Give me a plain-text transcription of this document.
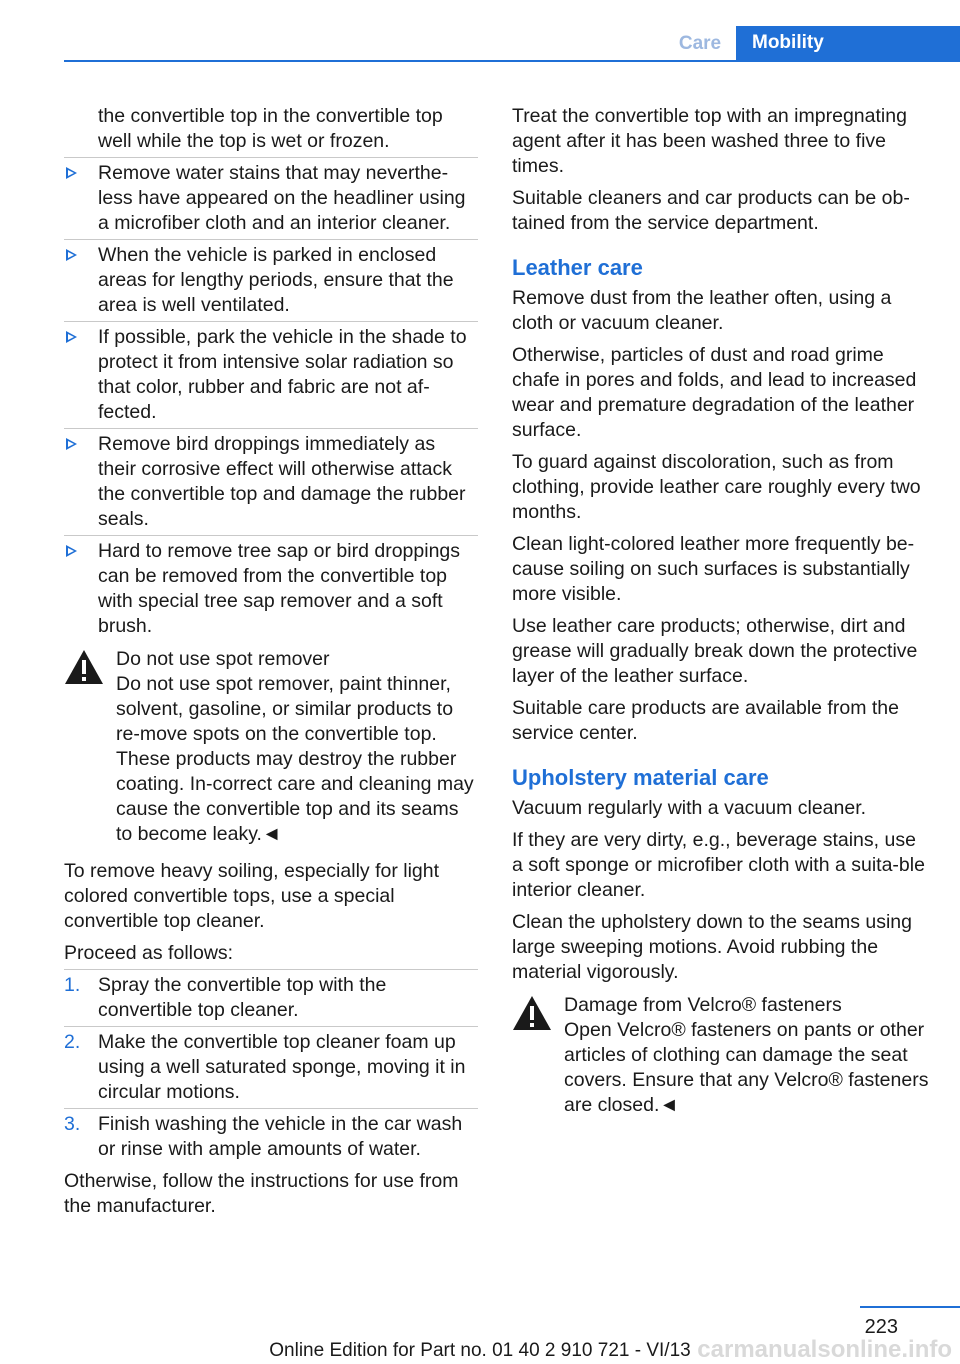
Care	Mobility

the convertible top in the convertible top well while the top is wet or frozen.

Remove water stains that may neverthe-less have appeared on the headliner using a microfiber cloth and an interior cleaner.
When the vehicle is parked in enclosed areas for lengthy periods, ensure that the area is well ventilated.
If possible, park the vehicle in the shade to protect it from intensive solar radiation so that color, rubber and fabric are not af-fected.
Remove bird droppings immediately as their corrosive effect will otherwise attack the convertible top and damage the rubber seals.
Hard to remove tree sap or bird droppings can be removed from the convertible top with special tree sap remover and a soft brush.
Do not use spot remover
Do not use spot remover, paint thinner, solvent, gasoline, or similar products to re-move spots on the convertible top. These products may destroy the rubber coating. In-correct care and cleaning may cause the convertible top and its seams to become leaky.◄

To remove heavy soiling, especially for light colored convertible tops, use a special convertible top cleaner.

Proceed as follows:

1. Spray the convertible top with the convertible top cleaner.
2. Make the convertible top cleaner foam up using a well saturated sponge, moving it in circular motions.
3. Finish washing the vehicle in the car wash or rinse with ample amounts of water.

Otherwise, follow the instructions for use from the manufacturer.

Treat the convertible top with an impregnating agent after it has been washed three to five times.

Suitable cleaners and car products can be ob-tained from the service department.

Leather care

Remove dust from the leather often, using a cloth or vacuum cleaner.

Otherwise, particles of dust and road grime chafe in pores and folds, and lead to increased wear and premature degradation of the leather surface.

To guard against discoloration, such as from clothing, provide leather care roughly every two months.

Clean light-colored leather more frequently be-cause soiling on such surfaces is substantially more visible.

Use leather care products; otherwise, dirt and grease will gradually break down the protective layer of the leather surface.

Suitable care products are available from the service center.

Upholstery material care

Vacuum regularly with a vacuum cleaner.

If they are very dirty, e.g., beverage stains, use a soft sponge or microfiber cloth with a suita-ble interior cleaner.

Clean the upholstery down to the seams using large sweeping motions. Avoid rubbing the material vigorously.

Damage from Velcro® fasteners
Open Velcro® fasteners on pants or other articles of clothing can damage the seat covers. Ensure that any Velcro® fasteners are closed.◄
223
Online Edition for Part no. 01 40 2 910 721 - VI/13 carmanualsonline.info
